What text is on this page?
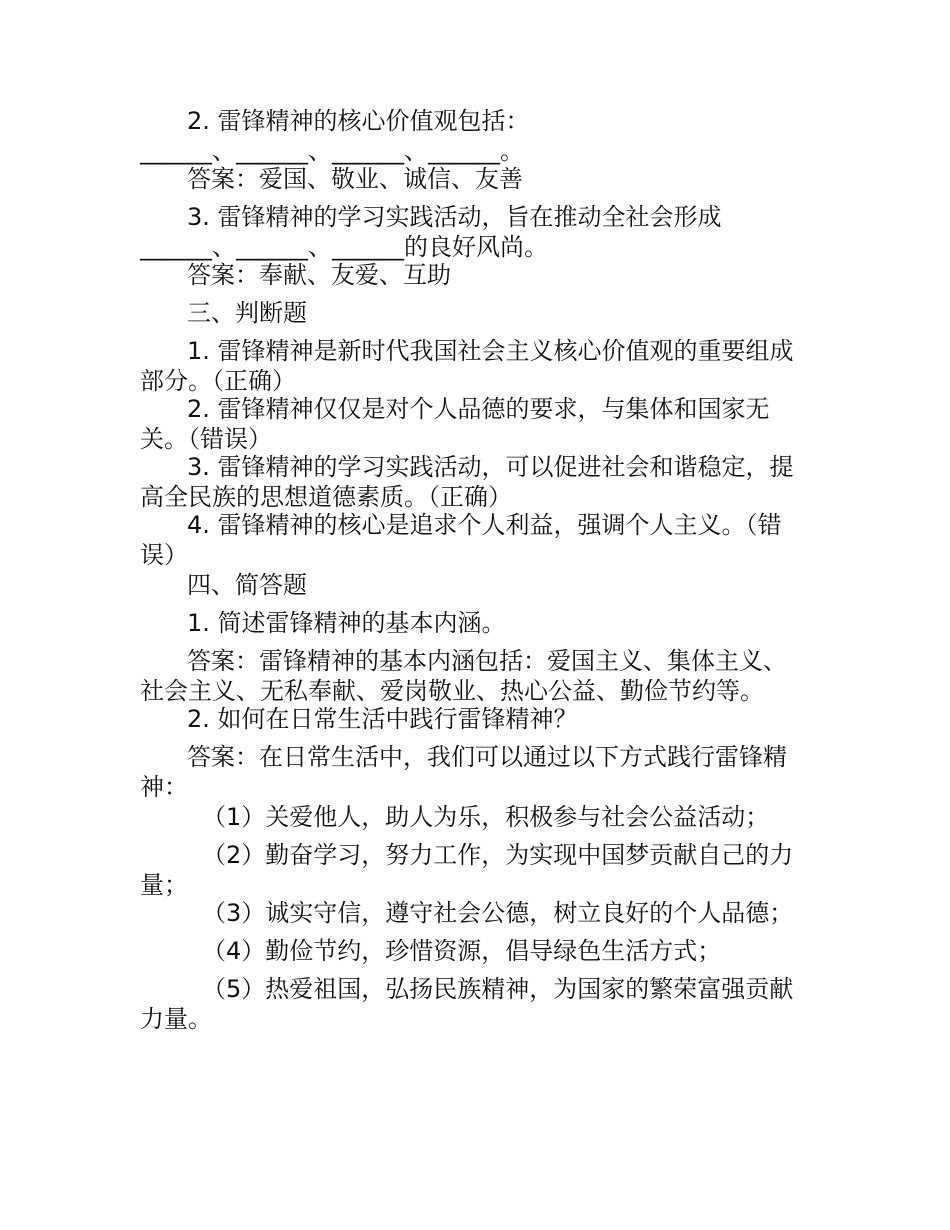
2. 雷锋精神的核心价值观包括：
______、______、______、______。
答案：爱国、敬业、诚信、友善
3. 雷锋精神的学习实践活动，旨在推动全社会形成
______、______、______的良好风尚。
答案：奉献、友爱、互助
三、判断题
1. 雷锋精神是新时代我国社会主义核心价值观的重要组成
部分。（正确）
2. 雷锋精神仅仅是对个人品德的要求，与集体和国家无
关。（错误）
3. 雷锋精神的学习实践活动，可以促进社会和谐稳定，提
高全民族的思想道德素质。（正确）
4. 雷锋精神的核心是追求个人利益，强调个人主义。（错
误）
四、简答题
1. 简述雷锋精神的基本内涵。
答案：雷锋精神的基本内涵包括：爱国主义、集体主义、
社会主义、无私奉献、爱岗敬业、热心公益、勤俭节约等。
2. 如何在日常生活中践行雷锋精神？
答案：在日常生活中，我们可以通过以下方式践行雷锋精
神：
（1）关爱他人，助人为乐，积极参与社会公益活动；
（2）勤奋学习，努力工作，为实现中国梦贡献自己的力
量；
（3）诚实守信，遵守社会公德，树立良好的个人品德；
（4）勤俭节约，珍惜资源，倡导绿色生活方式；
（5）热爱祖国，弘扬民族精神，为国家的繁荣富强贡献
力量。
